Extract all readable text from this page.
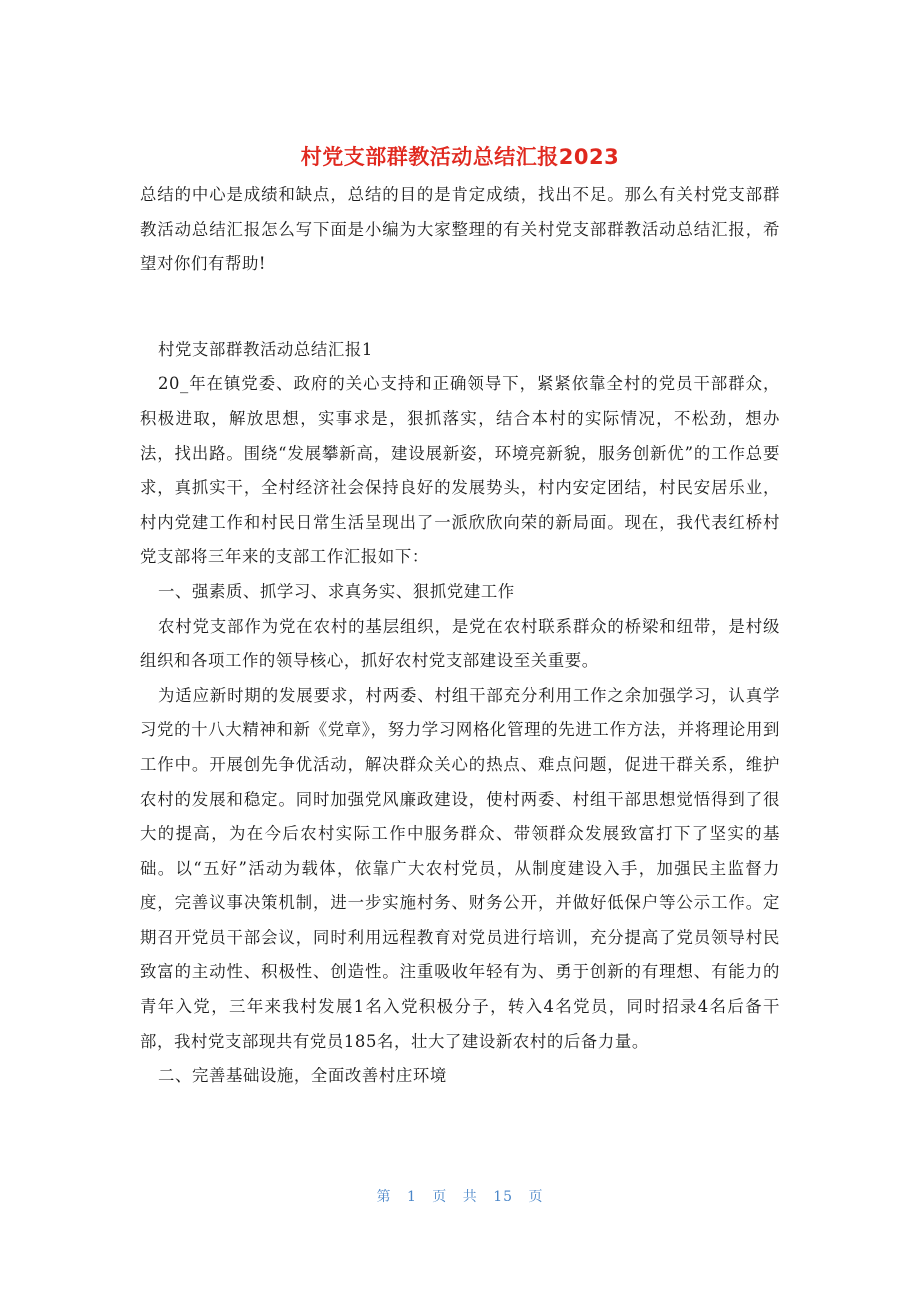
村党支部群教活动总结汇报2023

总结的中心是成绩和缺点，总结的目的是肯定成绩，找出不足。那么有关村党支部群教活动总结汇报怎么写下面是小编为大家整理的有关村党支部群教活动总结汇报，希望对你们有帮助!

村党支部群教活动总结汇报1

20_年在镇党委、政府的关心支持和正确领导下，紧紧依靠全村的党员干部群众，积极进取，解放思想，实事求是，狠抓落实，结合本村的实际情况，不松劲，想办法，找出路。围绕“发展攀新高，建设展新姿，环境亮新貌，服务创新优”的工作总要求，真抓实干，全村经济社会保持良好的发展势头，村内安定团结，村民安居乐业，村内党建工作和村民日常生活呈现出了一派欣欣向荣的新局面。现在，我代表红桥村党支部将三年来的支部工作汇报如下：

一、强素质、抓学习、求真务实、狠抓党建工作

农村党支部作为党在农村的基层组织，是党在农村联系群众的桥梁和纽带，是村级组织和各项工作的领导核心，抓好农村党支部建设至关重要。

为适应新时期的发展要求，村两委、村组干部充分利用工作之余加强学习，认真学习党的十八大精神和新《党章》，努力学习网格化管理的先进工作方法，并将理论用到工作中。开展创先争优活动，解决群众关心的热点、难点问题，促进干群关系，维护农村的发展和稳定。同时加强党风廉政建设，使村两委、村组干部思想觉悟得到了很大的提高，为在今后农村实际工作中服务群众、带领群众发展致富打下了坚实的基础。以“五好”活动为载体，依靠广大农村党员，从制度建设入手，加强民主监督力度，完善议事决策机制，进一步实施村务、财务公开，并做好低保户等公示工作。定期召开党员干部会议，同时利用远程教育对党员进行培训，充分提高了党员领导村民致富的主动性、积极性、创造性。注重吸收年轻有为、勇于创新的有理想、有能力的青年入党，三年来我村发展1名入党积极分子，转入4名党员，同时招录4名后备干部，我村党支部现共有党员185名，壮大了建设新农村的后备力量。

二、完善基础设施，全面改善村庄环境

第 1 页 共 15 页
